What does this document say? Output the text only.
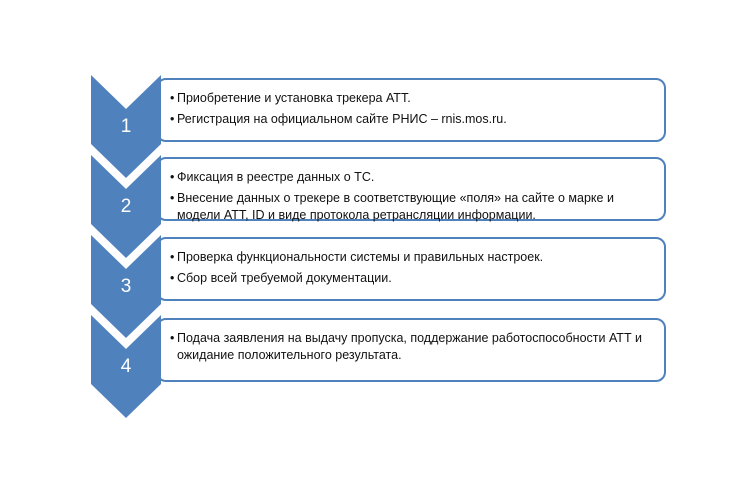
• Приобретение и установка трекера АТТ.
• Регистрация на официальном сайте РНИС – rnis.mos.ru.
1
• Фиксация в реестре данных о ТС.
• Внесение данных о трекере в соответствующие «поля» на сайте о марке и модели АТТ, ID и виде протокола ретрансляции информации.
2
• Проверка функциональности системы и правильных настроек.
• Сбор всей требуемой документации.
3
• Подача заявления на выдачу пропуска, поддержание работоспособности АТТ и ожидание положительного результата.
4
